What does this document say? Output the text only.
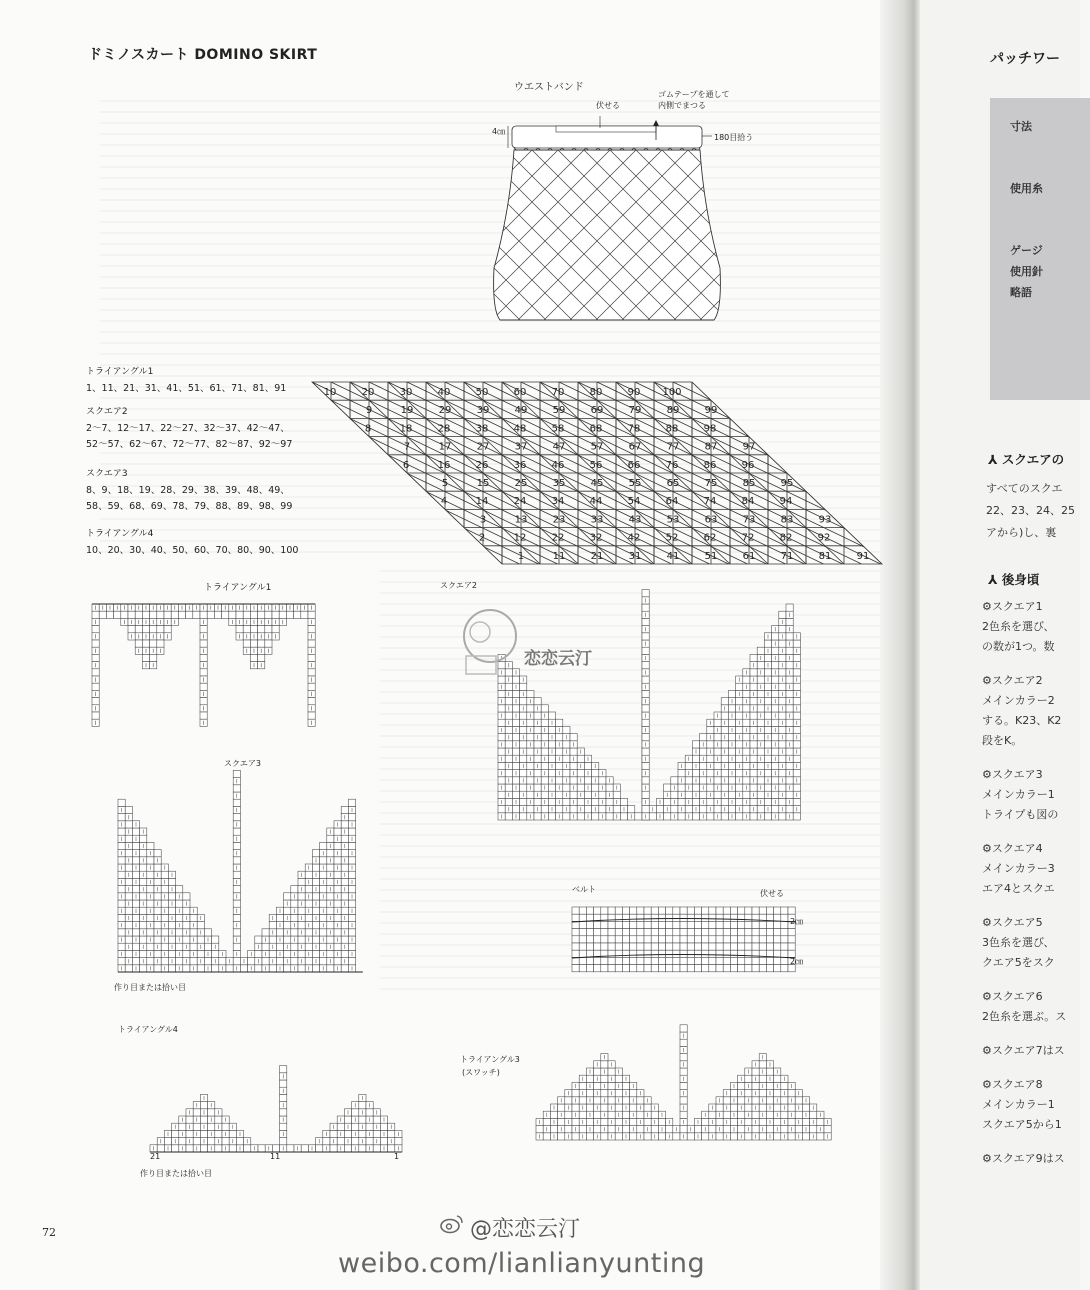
ドミノスカート DOMINO SKIRT
ウエストバンド
伏せる
ゴムテープを通して
内側でまつる
4㎝
180目拾う
トライアングル1
1、11、21、31、41、51、61、71、81、91
スクエア2
2〜7、12〜17、22〜27、32〜37、42〜47、
52〜57、62〜67、72〜77、82〜87、92〜97
スクエア3
8、9、18、19、28、29、38、39、48、49、
58、59、68、69、78、79、88、89、98、99
トライアングル4
10、20、30、40、50、60、70、80、90、100
10	20	30	40	50	60	70	80	90 100
9	19	29	39	49	59	69	79	89	99
8	18	28	38	48	58	68	78	88	98
7	17	27	37	47	57	67	77	87	97
6	16	26	36	46	56	66	76	86	96
5	15	25	35	45	55	65	75	85	95
4	14	24	34	44	54	64	74	84	94
3	13	23	33	43	53	63	73	83	93
2	12	22	32	42	52	62	72	82	92
1	11	21	31	41	51	61	71	81	91
トライアングル1	スクエア2
スクエア3
ベルト
トライアングル4
トライアングル3
(スワッチ)
作り目または拾い目
伏せる
2㎝
2㎝
21	11	1
作り目または拾い目
恋恋云汀
72	@恋恋云汀
weibo.com/lianlianyunting
パッチワー
寸法
使用糸
ゲージ
使用針
略語
⅄ スクエアの
すべてのスクエ
22、23、24、25
アから)し、裏
⅄ 後身頃
⚙スクエア1
2色糸を選び、
の数が1つ。数
⚙スクエア2
メインカラー2
する。K23、K2
段をK。
⚙スクエア3
メインカラー1
トライプも図の
⚙スクエア4
メインカラー3
エア4とスクエ
⚙スクエア5
3色糸を選び、
クエア5をスク
⚙スクエア6
2色糸を選ぶ。ス
⚙スクエア7はス
⚙スクエア8
メインカラー1
スクエア5から1
⚙スクエア9はス
